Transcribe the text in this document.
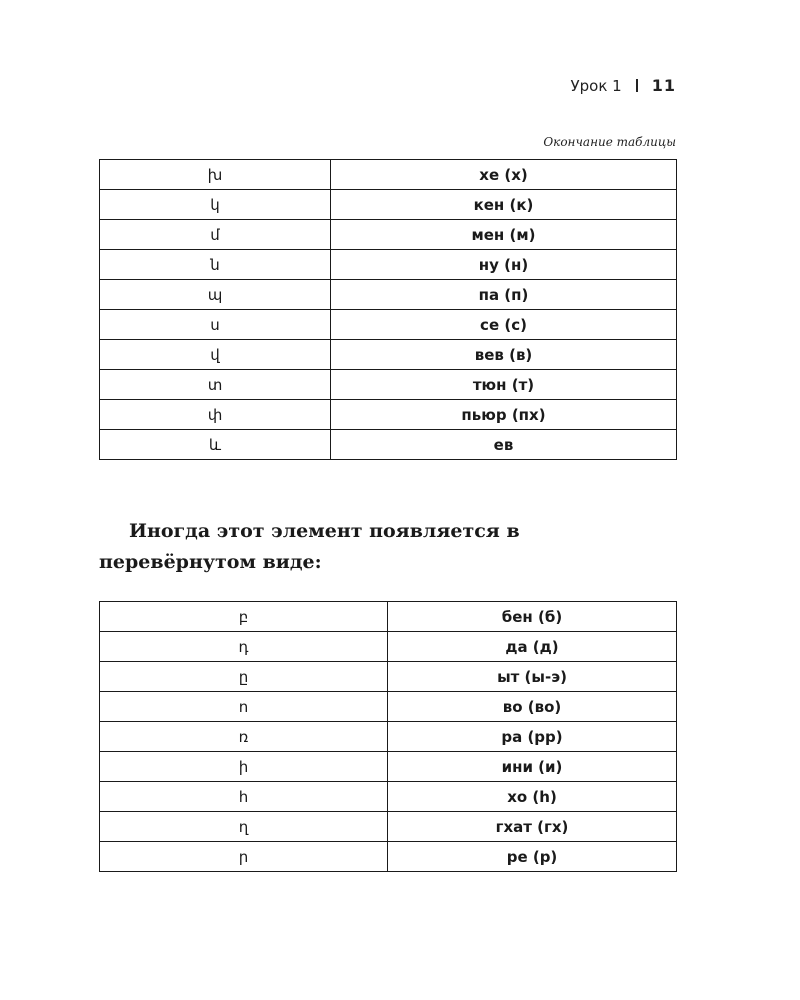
Урок 1 11
Окончание таблицы
խ	хе (х)
կ	кен (к)
մ	мен (м)
ն	ну (н)
պ	па (п)
ս	се (с)
վ	вев (в)
տ	тюн (т)
փ	пьюр (пх)
և	ев

Иногда этот элемент появляется в перевёрнутом виде:

բ	бен (б)
դ	да (д)
ը	ыт (ы-э)
ո	во (во)
ռ	ра (рр)
ի	ини (и)
հ	хо (h)
ղ	гхат (гх)
ր	ре (р)
